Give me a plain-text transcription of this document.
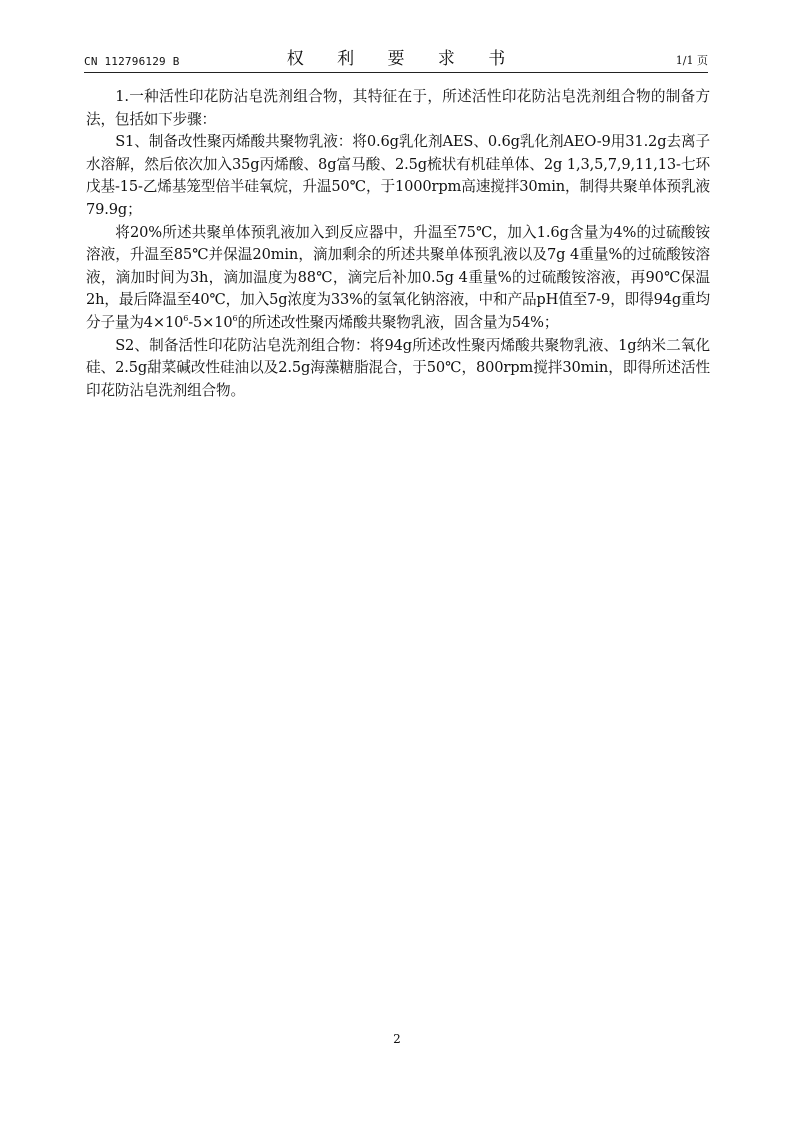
CN 112796129 B	权 利 要 求 书	1/1 页

1.一种活性印花防沾皂洗剂组合物，其特征在于，所述活性印花防沾皂洗剂组合物的制备方法，包括如下步骤：

S1、制备改性聚丙烯酸共聚物乳液：将0.6g乳化剂AES、0.6g乳化剂AEO-9用31.2g去离子水溶解，然后依次加入35g丙烯酸、8g富马酸、2.5g梳状有机硅单体、2g 1,3,5,7,9,11,13-七环戊基-15-乙烯基笼型倍半硅氧烷，升温50℃，于1000rpm高速搅拌30min，制得共聚单体预乳液79.9g；

将20%所述共聚单体预乳液加入到反应器中，升温至75℃，加入1.6g含量为4%的过硫酸铵溶液，升温至85℃并保温20min，滴加剩余的所述共聚单体预乳液以及7g 4重量%的过硫酸铵溶液，滴加时间为3h，滴加温度为88℃，滴完后补加0.5g 4重量%的过硫酸铵溶液，再90℃保温2h，最后降温至40℃，加入5g浓度为33%的氢氧化钠溶液，中和产品pH值至7-9，即得94g重均分子量为$4\times 10^6-5\times 10^6$的所述改性聚丙烯酸共聚物乳液，固含量为54%；

S2、制备活性印花防沾皂洗剂组合物：将94g所述改性聚丙烯酸共聚物乳液、1g纳米二氧化硅、2.5g甜菜碱改性硅油以及2.5g海藻糖脂混合，于50℃，800rpm搅拌30min，即得所述活性印花防沾皂洗剂组合物。

2
